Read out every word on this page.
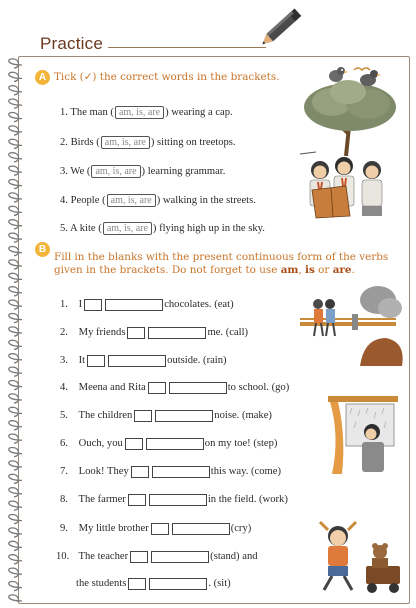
Practice
A Tick (✓) the correct words in the brackets.
1. The man ( am, is, are ) wearing a cap.
2. Birds ( am, is, are ) sitting on treetops.
3. We ( am, is, are ) learning grammar.
4. People ( am, is, are ) walking in the streets.
5. A kite ( am, is, are ) flying high up in the sky.
B
Fill in the blanks with the present continuous form of the verbs
given in the brackets. Do not forget to use am, is or are.
1. I	chocolates. (eat)
2. My friends	me. (call)
3. It	outside. (rain)
4. Meena and Rita	to school. (go)
5. The children	noise. (make)
6. Ouch, you	on my toe! (step)
7. Look! They	this way. (come)
8. The farmer	in the field. (work)
9. My little brother	(cry)
10. The teacher	(stand) and
the students	. (sit)
